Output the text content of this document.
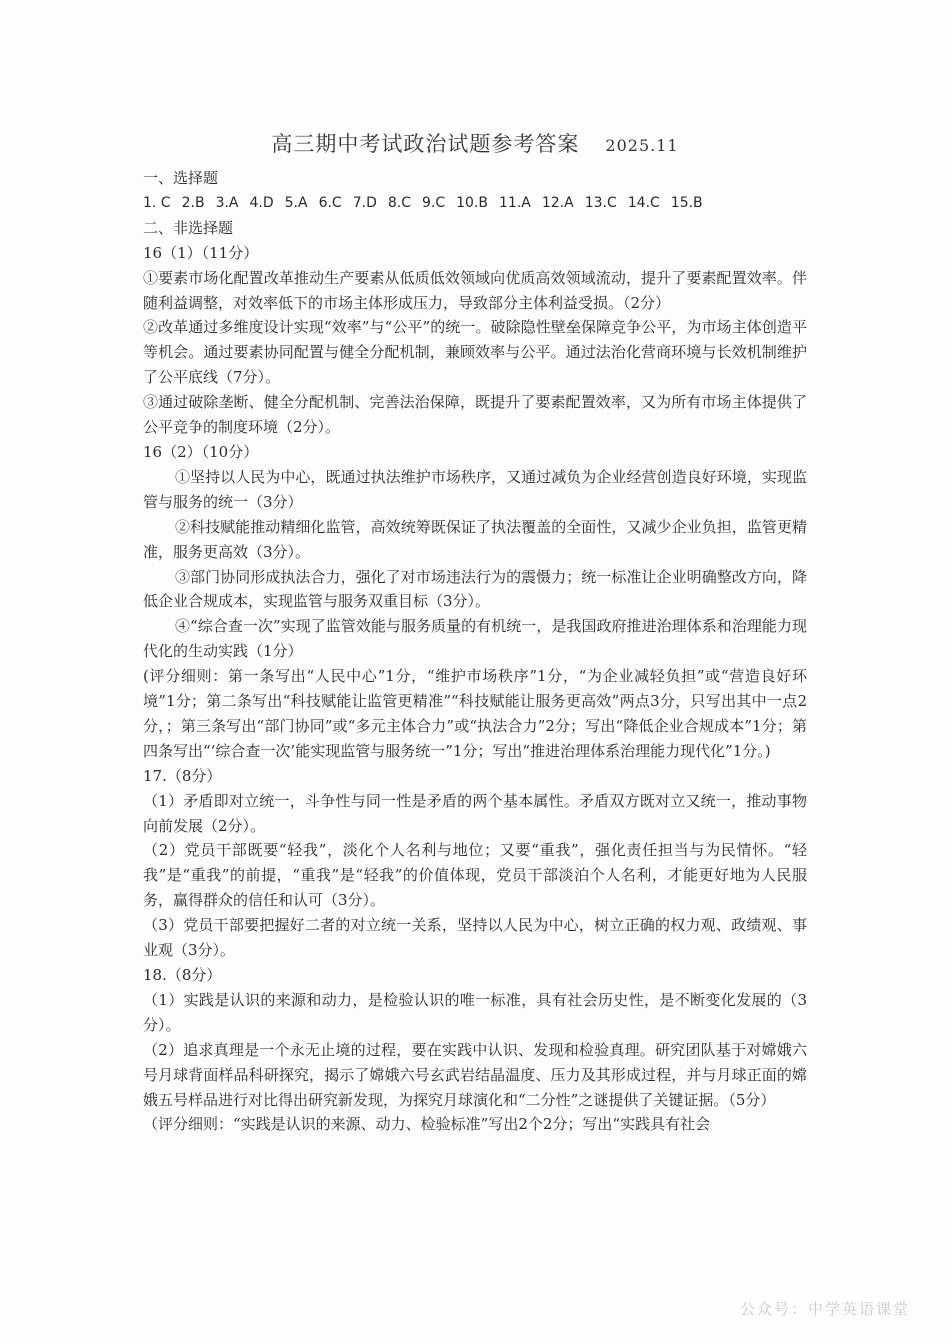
高三期中考试政治试题参考答案 2025.11

一、选择题

1. C 2.B 3.A 4.D 5.A 6.C 7.D 8.C 9.C 10.B 11.A 12.A 13.C 14.C 15.B

二、非选择题

16（1）（11分）

①要素市场化配置改革推动生产要素从低质低效领域向优质高效领域流动，提升了要素配置效率。伴随利益调整，对效率低下的市场主体形成压力，导致部分主体利益受损。（2分）

②改革通过多维度设计实现“效率”与“公平”的统一。破除隐性壁垒保障竞争公平，为市场主体创造平等机会。通过要素协同配置与健全分配机制，兼顾效率与公平。通过法治化营商环境与长效机制维护了公平底线（7分）。

③通过破除垄断、健全分配机制、完善法治保障，既提升了要素配置效率，又为所有市场主体提供了公平竞争的制度环境（2分）。

16（2）（10分）

①坚持以人民为中心，既通过执法维护市场秩序，又通过减负为企业经营创造良好环境，实现监管与服务的统一（3分）

②科技赋能推动精细化监管，高效统筹既保证了执法覆盖的全面性，又减少企业负担，监管更精准，服务更高效（3分）。

③部门协同形成执法合力，强化了对市场违法行为的震慑力；统一标准让企业明确整改方向，降低企业合规成本，实现监管与服务双重目标（3分）。

④“综合查一次”实现了监管效能与服务质量的有机统一，是我国政府推进治理体系和治理能力现代化的生动实践（1分）

(评分细则：第一条写出“人民中心”1分，“维护市场秩序”1分，“为企业减轻负担”或“营造良好环境”1分；第二条写出“科技赋能让监管更精准”“科技赋能让服务更高效”两点3分，只写出其中一点2分，；第三条写出“部门协同”或“多元主体合力”或“执法合力”2分；写出“降低企业合规成本”1分；第四条写出“‘综合查一次’能实现监管与服务统一”1分；写出“推进治理体系治理能力现代化”1分。)

17.（8分）

（1）矛盾即对立统一，斗争性与同一性是矛盾的两个基本属性。矛盾双方既对立又统一，推动事物向前发展（2分）。

（2）党员干部既要“轻我”，淡化个人名利与地位；又要“重我”，强化责任担当与为民情怀。“轻我”是“重我”的前提，“重我”是“轻我”的价值体现，党员干部淡泊个人名利，才能更好地为人民服务，赢得群众的信任和认可（3分）。

（3）党员干部要把握好二者的对立统一关系，坚持以人民为中心，树立正确的权力观、政绩观、事业观（3分）。

18.（8分）

（1）实践是认识的来源和动力，是检验认识的唯一标准，具有社会历史性，是不断变化发展的（3分）。

（2）追求真理是一个永无止境的过程，要在实践中认识、发现和检验真理。研究团队基于对嫦娥六号月球背面样品科研探究，揭示了嫦娥六号玄武岩结晶温度、压力及其形成过程，并与月球正面的嫦娥五号样品进行对比得出研究新发现，为探究月球演化和“二分性”之谜提供了关键证据。（5分）

（评分细则：“实践是认识的来源、动力、检验标准”写出2个2分；写出“实践具有社会

公众号：中学英语课堂
